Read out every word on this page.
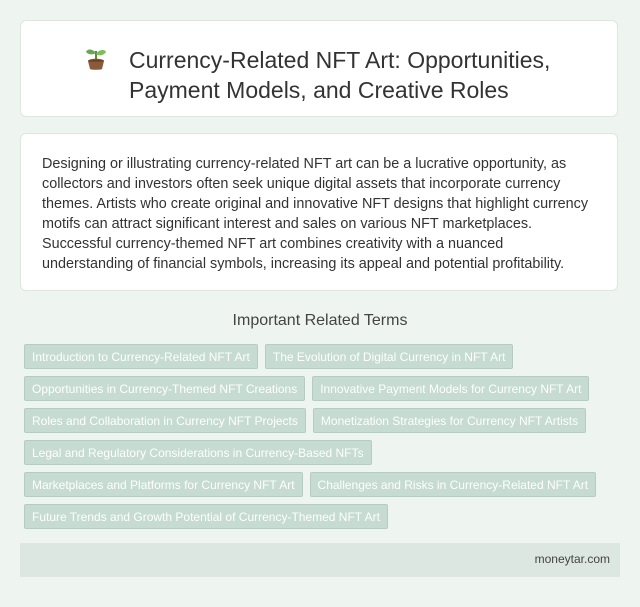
Currency-Related NFT Art: Opportunities, Payment Models, and Creative Roles

Designing or illustrating currency-related NFT art can be a lucrative opportunity, as collectors and investors often seek unique digital assets that incorporate currency themes. Artists who create original and innovative NFT designs that highlight currency motifs can attract significant interest and sales on various NFT marketplaces. Successful currency-themed NFT art combines creativity with a nuanced understanding of financial symbols, increasing its appeal and potential profitability.

Important Related Terms
Introduction to Currency-Related NFT Art	The Evolution of Digital Currency in NFT Art
Opportunities in Currency-Themed NFT Creations	Innovative Payment Models for Currency NFT Art
Roles and Collaboration in Currency NFT Projects	Monetization Strategies for Currency NFT Artists
Legal and Regulatory Considerations in Currency-Based NFTs
Marketplaces and Platforms for Currency NFT Art	Challenges and Risks in Currency-Related NFT Art
Future Trends and Growth Potential of Currency-Themed NFT Art
moneytar.com
